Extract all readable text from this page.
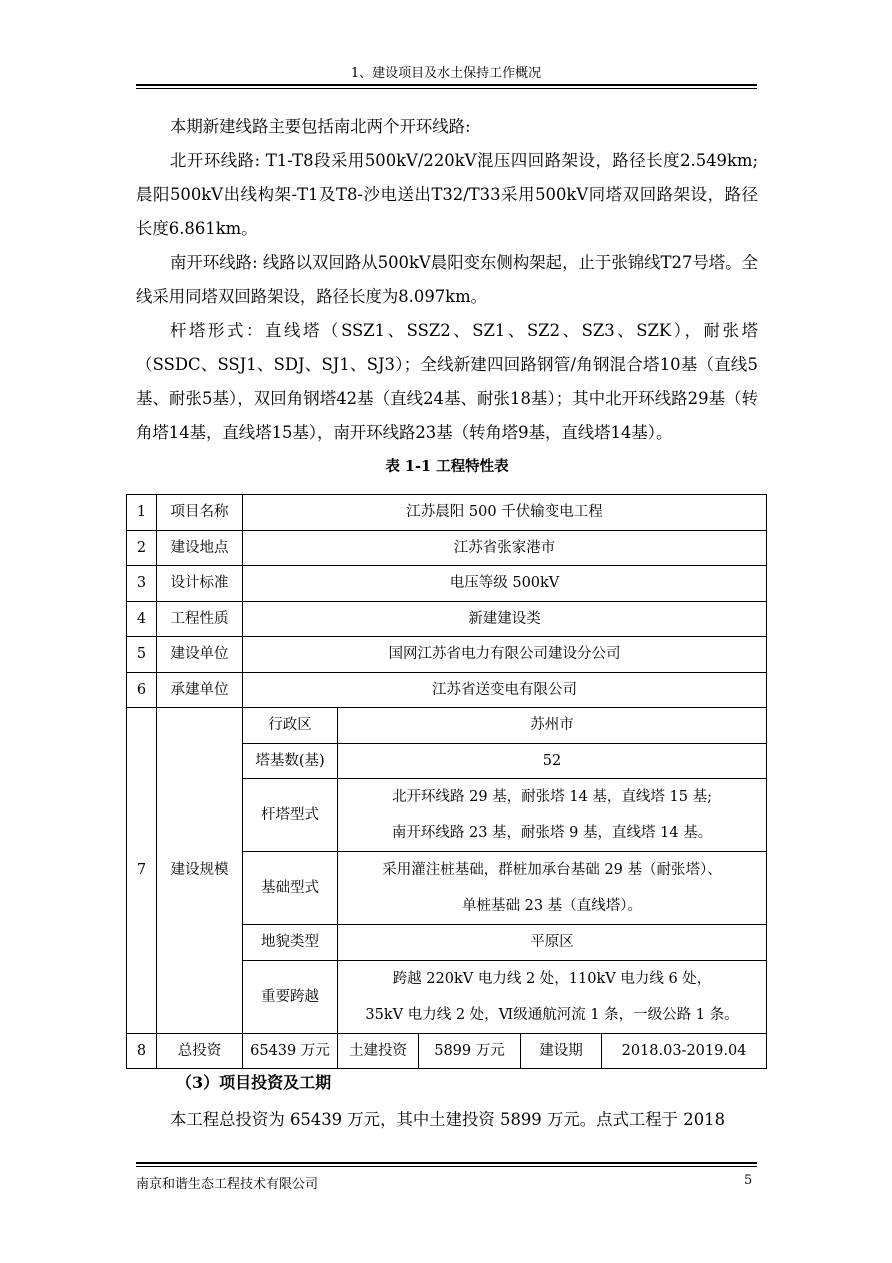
1、建设项目及水土保持工作概况

本期新建线路主要包括南北两个开环线路:

北开环线路: T1-T8段采用500kV/220kV混压四回路架设，路径长度2.549km; 晨阳500kV出线构架-T1及T8-沙电送出T32/T33采用500kV同塔双回路架设，路径长度6.861km。

南开环线路: 线路以双回路从500kV晨阳变东侧构架起，止于张锦线T27号塔。全线采用同塔双回路架设，路径长度为8.097km。

杆塔形式：直线塔（SSZ1、SSZ2、SZ1、SZ2、SZ3、SZK），耐张塔（SSDC、SSJ1、SDJ、SJ1、SJ3）；全线新建四回路钢管/角钢混合塔10基（直线5基、耐张5基），双回角钢塔42基（直线24基、耐张18基）；其中北开环线路29基（转角塔14基，直线塔15基），南开环线路23基（转角塔9基，直线塔14基）。

表 1-1 工程特性表
1	项目名称	江苏晨阳 500 千伏输变电工程				
2	建设地点	江苏省张家港市				
3	设计标准	电压等级 500kV				
4	工程性质	新建建设类				
5	建设单位	国网江苏省电力有限公司建设分公司				
6	承建单位	江苏省送变电有限公司				
7	建设规模	行政区	苏州市			
		塔基数(基)	52			
		杆塔型式	北开环线路 29 基，耐张塔 14 基，直线塔 15 基;
南开环线路 23 基，耐张塔 9 基，直线塔 14 基。			

		基础型式	采用灌注桩基础，群桩加承台基础 29 基（耐张塔）、
单桩基础 23 基（直线塔）。			

		地貌类型	平原区			
		重要跨越	跨越 220kV 电力线 2 处，110kV 电力线 6 处，
35kV 电力线 2 处，Ⅵ级通航河流 1 条，一级公路 1 条。			

8	总投资	65439 万元	土建投资	5899 万元	建设期	2018.03-2019.04
（3）项目投资及工期
本工程总投资为 65439 万元，其中土建投资 5899 万元。点式工程于 2018
南京和谐生态工程技术有限公司	5
